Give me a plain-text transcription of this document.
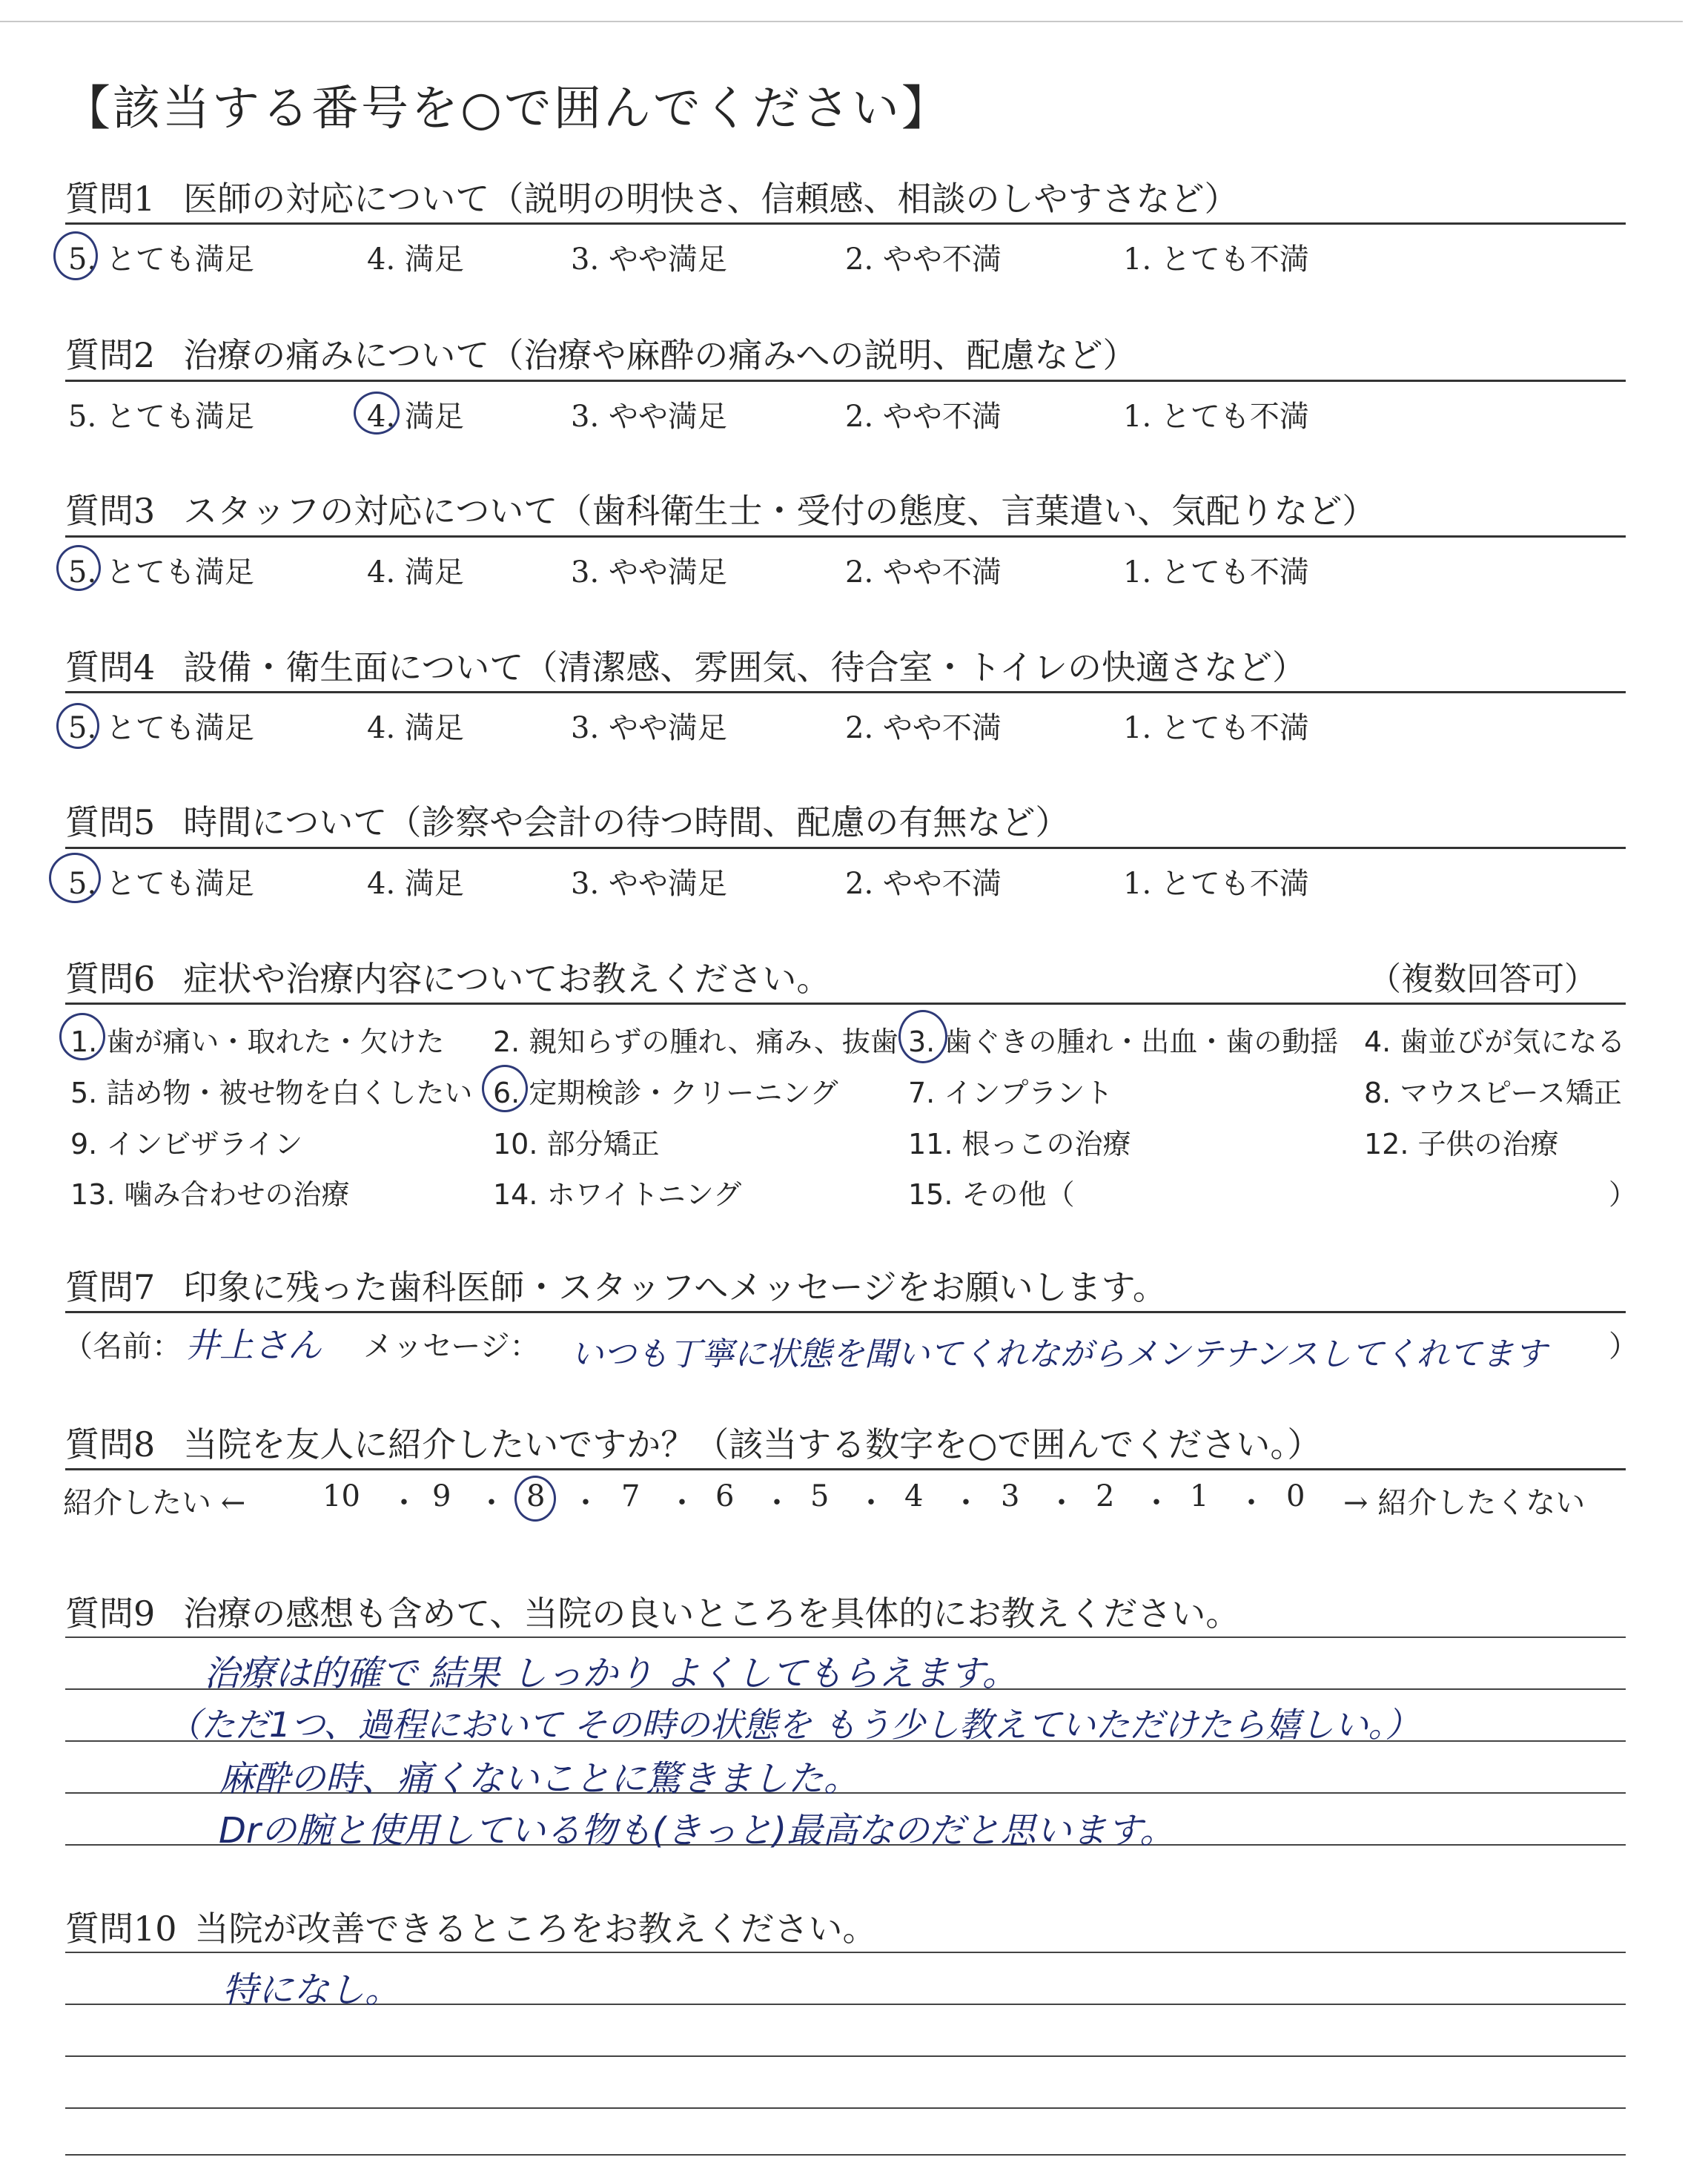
【該当する番号を○で囲んでください】
質問1 医師の対応について（説明の明快さ、信頼感、相談のしやすさなど）
5. とても満足	4. 満足	3. やや満足	2. やや不満	1. とても不満
質問2 治療の痛みについて（治療や麻酔の痛みへの説明、配慮など）
5. とても満足	4. 満足	3. やや満足	2. やや不満	1. とても不満
質問3 スタッフの対応について（歯科衛生士・受付の態度、言葉遣い、気配りなど）
5. とても満足	4. 満足	3. やや満足	2. やや不満	1. とても不満
質問4 設備・衛生面について（清潔感、雰囲気、待合室・トイレの快適さなど）
5. とても満足	4. 満足	3. やや満足	2. やや不満	1. とても不満
質問5 時間について（診察や会計の待つ時間、配慮の有無など）
5. とても満足	4. 満足	3. やや満足	2. やや不満	1. とても不満
質問6 症状や治療内容についてお教えください。	（複数回答可）
1. 歯が痛い・取れた・欠けた 2. 親知らずの腫れ、痛み、抜歯 3. 歯ぐきの腫れ・出血・歯の動揺 4. 歯並びが気になる
5. 詰め物・被せ物を白くしたい 6. 定期検診・クリーニング 7. インプラント	8. マウスピース矯正
9. インビザライン	10. 部分矯正	11. 根っこの治療	12. 子供の治療
13. 噛み合わせの治療	14. ホワイトニング	15. その他（	）
質問7 印象に残った歯科医師・スタッフへメッセージをお願いします。
（名前： 井上さん メッセージ： いつも丁寧に状態を聞いてくれながらメンテナンスしてくれてます ）
質問8 当院を友人に紹介したいですか？（該当する数字を○で囲んでください。）
紹介したい ←	10 ・ 9 ・ 8 ・ 7 ・ 6 ・ 5 ・ 4 ・ 3 ・ 2 ・ 1 ・ 0 → 紹介したくない
質問9 治療の感想も含めて、当院の良いところを具体的にお教えください。
治療は的確で 結果 しっかり よくしてもらえます。
（ただ1つ、過程において その時の状態を もう少し教えていただけたら嬉しい。）
麻酔の時、痛くないことに驚きました。
Drの腕と使用している物も(きっと)最高なのだと思います。
質問10 当院が改善できるところをお教えください。
特になし。
